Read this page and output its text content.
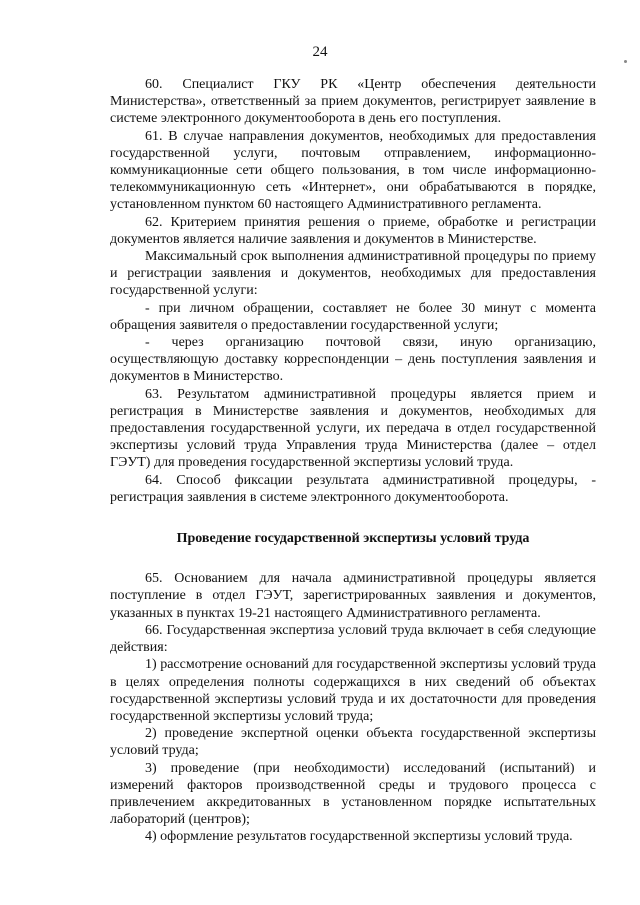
24

60. Специалист ГКУ РК «Центр обеспечения деятельности Министерства», ответственный за прием документов, регистрирует заявление в системе электронного документооборота в день его поступления.

61. В случае направления документов, необходимых для предоставления государственной услуги, почтовым отправлением, информационно-коммуникационные сети общего пользования, в том числе информационно-телекоммуникационную сеть «Интернет», они обрабатываются в порядке, установленном пунктом 60 настоящего Административного регламента.

62. Критерием принятия решения о приеме, обработке и регистрации документов является наличие заявления и документов в Министерстве.

Максимальный срок выполнения административной процедуры по приему и регистрации заявления и документов, необходимых для предоставления государственной услуги:

- при личном обращении, составляет не более 30 минут с момента обращения заявителя о предоставлении государственной услуги;

- через организацию почтовой связи, иную организацию, осуществляющую доставку корреспонденции – день поступления заявления и документов в Министерство.

63. Результатом административной процедуры является прием и регистрация в Министерстве заявления и документов, необходимых для предоставления государственной услуги, их передача в отдел государственной экспертизы условий труда Управления труда Министерства (далее – отдел ГЭУТ) для проведения государственной экспертизы условий труда.

64. Способ фиксации результата административной процедуры, - регистрация заявления в системе электронного документооборота.

Проведение государственной экспертизы условий труда

65. Основанием для начала административной процедуры является поступление в отдел ГЭУТ, зарегистрированных заявления и документов, указанных в пунктах 19-21 настоящего Административного регламента.

66. Государственная экспертиза условий труда включает в себя следующие действия:

1) рассмотрение оснований для государственной экспертизы условий труда в целях определения полноты содержащихся в них сведений об объектах государственной экспертизы условий труда и их достаточности для проведения государственной экспертизы условий труда;

2) проведение экспертной оценки объекта государственной экспертизы условий труда;

3) проведение (при необходимости) исследований (испытаний) и измерений факторов производственной среды и трудового процесса с привлечением аккредитованных в установленном порядке испытательных лабораторий (центров);

4) оформление результатов государственной экспертизы условий труда.
